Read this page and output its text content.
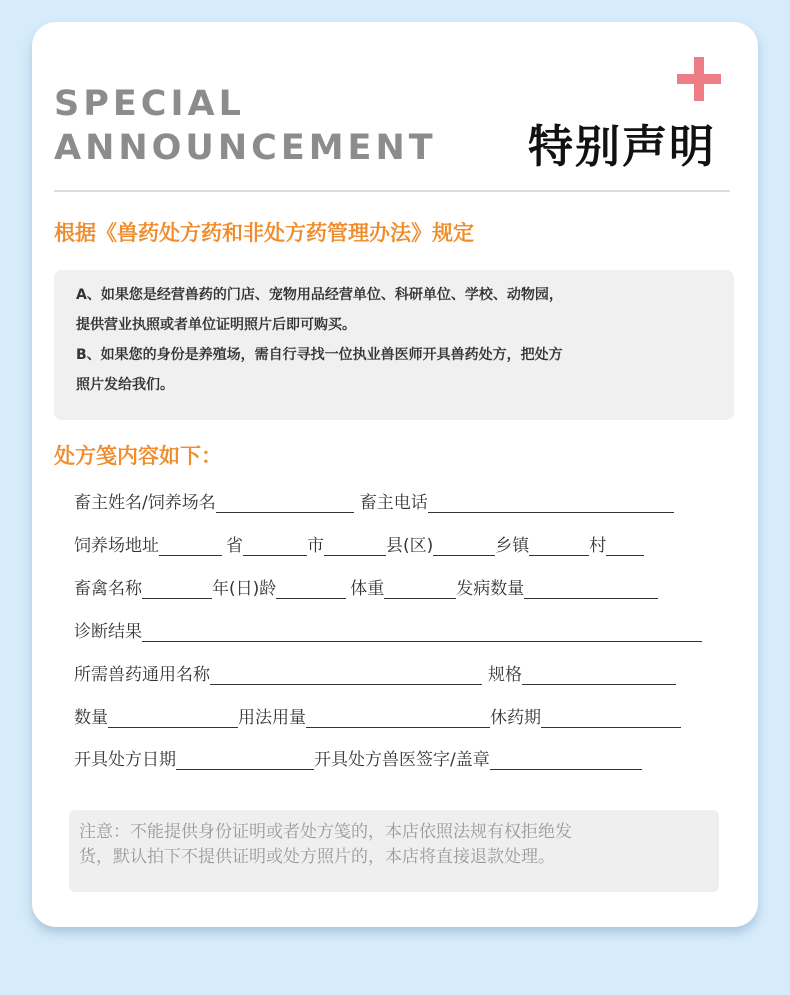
SPECIAL
ANNOUNCEMENT 特别声明
根据《兽药处方药和非处方药管理办法》规定
A、如果您是经营兽药的门店、宠物用品经营单位、科研单位、学校、动物园，
提供营业执照或者单位证明照片后即可购买。
B、如果您的身份是养殖场，需自行寻找一位执业兽医师开具兽药处方，把处方
照片发给我们。
处方笺内容如下：
畜主姓名/饲养场名	畜主电话
饲养场地址	省	市	县(区)	乡镇	村
畜禽名称	年(日)龄	体重	发病数量
诊断结果
所需兽药通用名称	规格
数量	用法用量	休药期
开具处方日期	开具处方兽医签字/盖章
注意：不能提供身份证明或者处方笺的，本店依照法规有权拒绝发
货，默认拍下不提供证明或处方照片的，本店将直接退款处理。
